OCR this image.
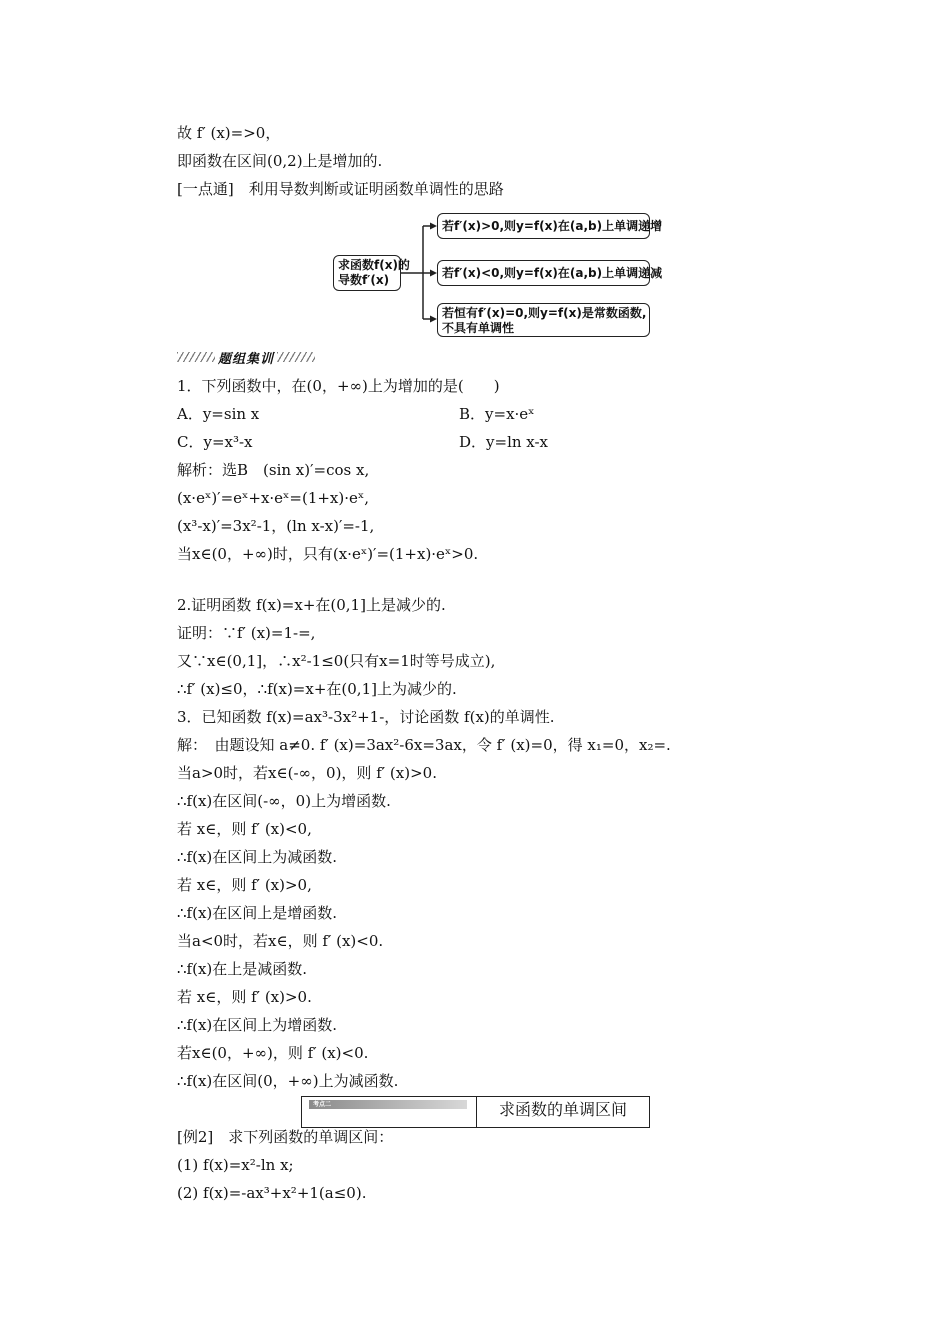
故 f′ (x)=>0，
即函数在区间(0,2)上是增加的.
[一点通]　利用导数判断或证明函数单调性的思路
求函数f(x)的
导数f′(x)
若f′(x)>0,则y=f(x)在(a,b)上单调递增
若f′(x)<0,则y=f(x)在(a,b)上单调递减
若恒有f′(x)=0,则y=f(x)是常数函数,
不具有单调性
题组集训
1．下列函数中，在(0，+∞)上为增加的是(　　)
A．y=sin x	B．y=x·eˣ
C．y=x³-x	D．y=ln x-x
解析：选B　(sin x)′=cos x,
(x·eˣ)′=eˣ+x·eˣ=(1+x)·eˣ,
(x³-x)′=3x²-1，(ln x-x)′=-1,
当x∈(0，+∞)时，只有(x·eˣ)′=(1+x)·eˣ>0.
2.证明函数 f(x)=x+在(0,1]上是减少的.
证明：∵f′ (x)=1-=,
又∵x∈(0,1]，∴x²-1≤0(只有x=1时等号成立),
∴f′ (x)≤0，∴f(x)=x+在(0,1]上为减少的.
3．已知函数 f(x)=ax³-3x²+1-，讨论函数 f(x)的单调性.
解：　由题设知 a≠0. f′ (x)=3ax²-6x=3ax，令 f′ (x)=0，得 x₁=0，x₂=.
当a>0时，若x∈(-∞，0)，则 f′ (x)>0.
∴f(x)在区间(-∞，0)上为增函数.
若 x∈，则 f′ (x)<0,
∴f(x)在区间上为减函数.
若 x∈，则 f′ (x)>0,
∴f(x)在区间上是增函数.
当a<0时，若x∈，则 f′ (x)<0.
∴f(x)在上是减函数.
若 x∈，则 f′ (x)>0.
∴f(x)在区间上为增函数.
若x∈(0，+∞)，则 f′ (x)<0.
∴f(x)在区间(0，+∞)上为减函数.
考点二	求函数的单调区间
[例2]　求下列函数的单调区间：
(1) f(x)=x²-ln x;
(2) f(x)=-ax³+x²+1(a≤0).
